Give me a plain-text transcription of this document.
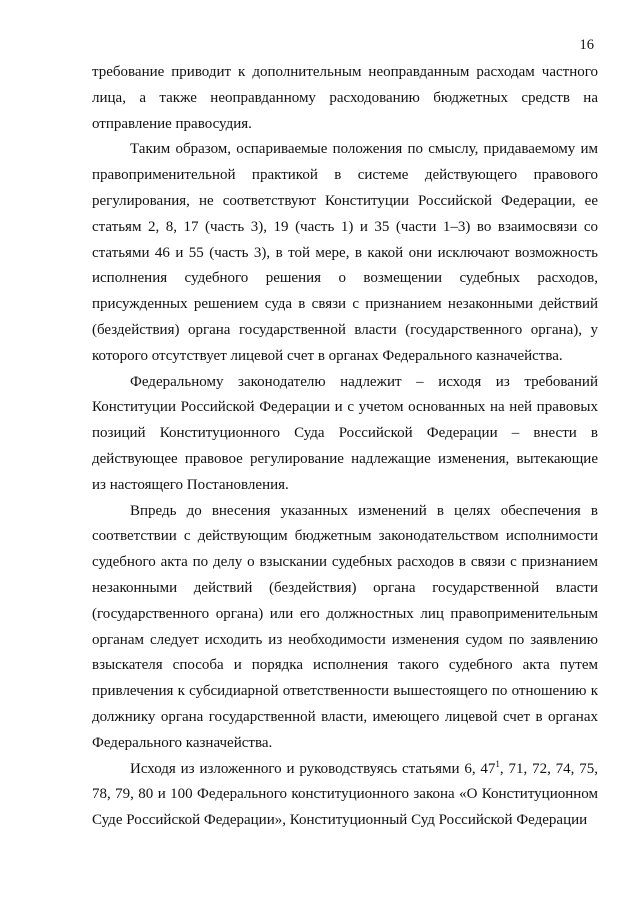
16

требование приводит к дополнительным неоправданным расходам частного лица, а также неоправданному расходованию бюджетных средств на отправление правосудия.

Таким образом, оспариваемые положения по смыслу, придаваемому им правоприменительной практикой в системе действующего правового регулирования, не соответствуют Конституции Российской Федерации, ее статьям 2, 8, 17 (часть 3), 19 (часть 1) и 35 (части 1–3) во взаимосвязи со статьями 46 и 55 (часть 3), в той мере, в какой они исключают возможность исполнения судебного решения о возмещении судебных расходов, присужденных решением суда в связи с признанием незаконными действий (бездействия) органа государственной власти (государственного органа), у которого отсутствует лицевой счет в органах Федерального казначейства.

Федеральному законодателю надлежит – исходя из требований Конституции Российской Федерации и с учетом основанных на ней правовых позиций Конституционного Суда Российской Федерации – внести в действующее правовое регулирование надлежащие изменения, вытекающие из настоящего Постановления.

Впредь до внесения указанных изменений в целях обеспечения в соответствии с действующим бюджетным законодательством исполнимости судебного акта по делу о взыскании судебных расходов в связи с признанием незаконными действий (бездействия) органа государственной власти (государственного органа) или его должностных лиц правоприменительным органам следует исходить из необходимости изменения судом по заявлению взыскателя способа и порядка исполнения такого судебного акта путем привлечения к субсидиарной ответственности вышестоящего по отношению к должнику органа государственной власти, имеющего лицевой счет в органах Федерального казначейства.

Исходя из изложенного и руководствуясь статьями 6, $47^1$, 71, 72, 74, 75, 78, 79, 80 и 100 Федерального конституционного закона «О Конституционном Суде Российской Федерации», Конституционный Суд Российской Федерации
